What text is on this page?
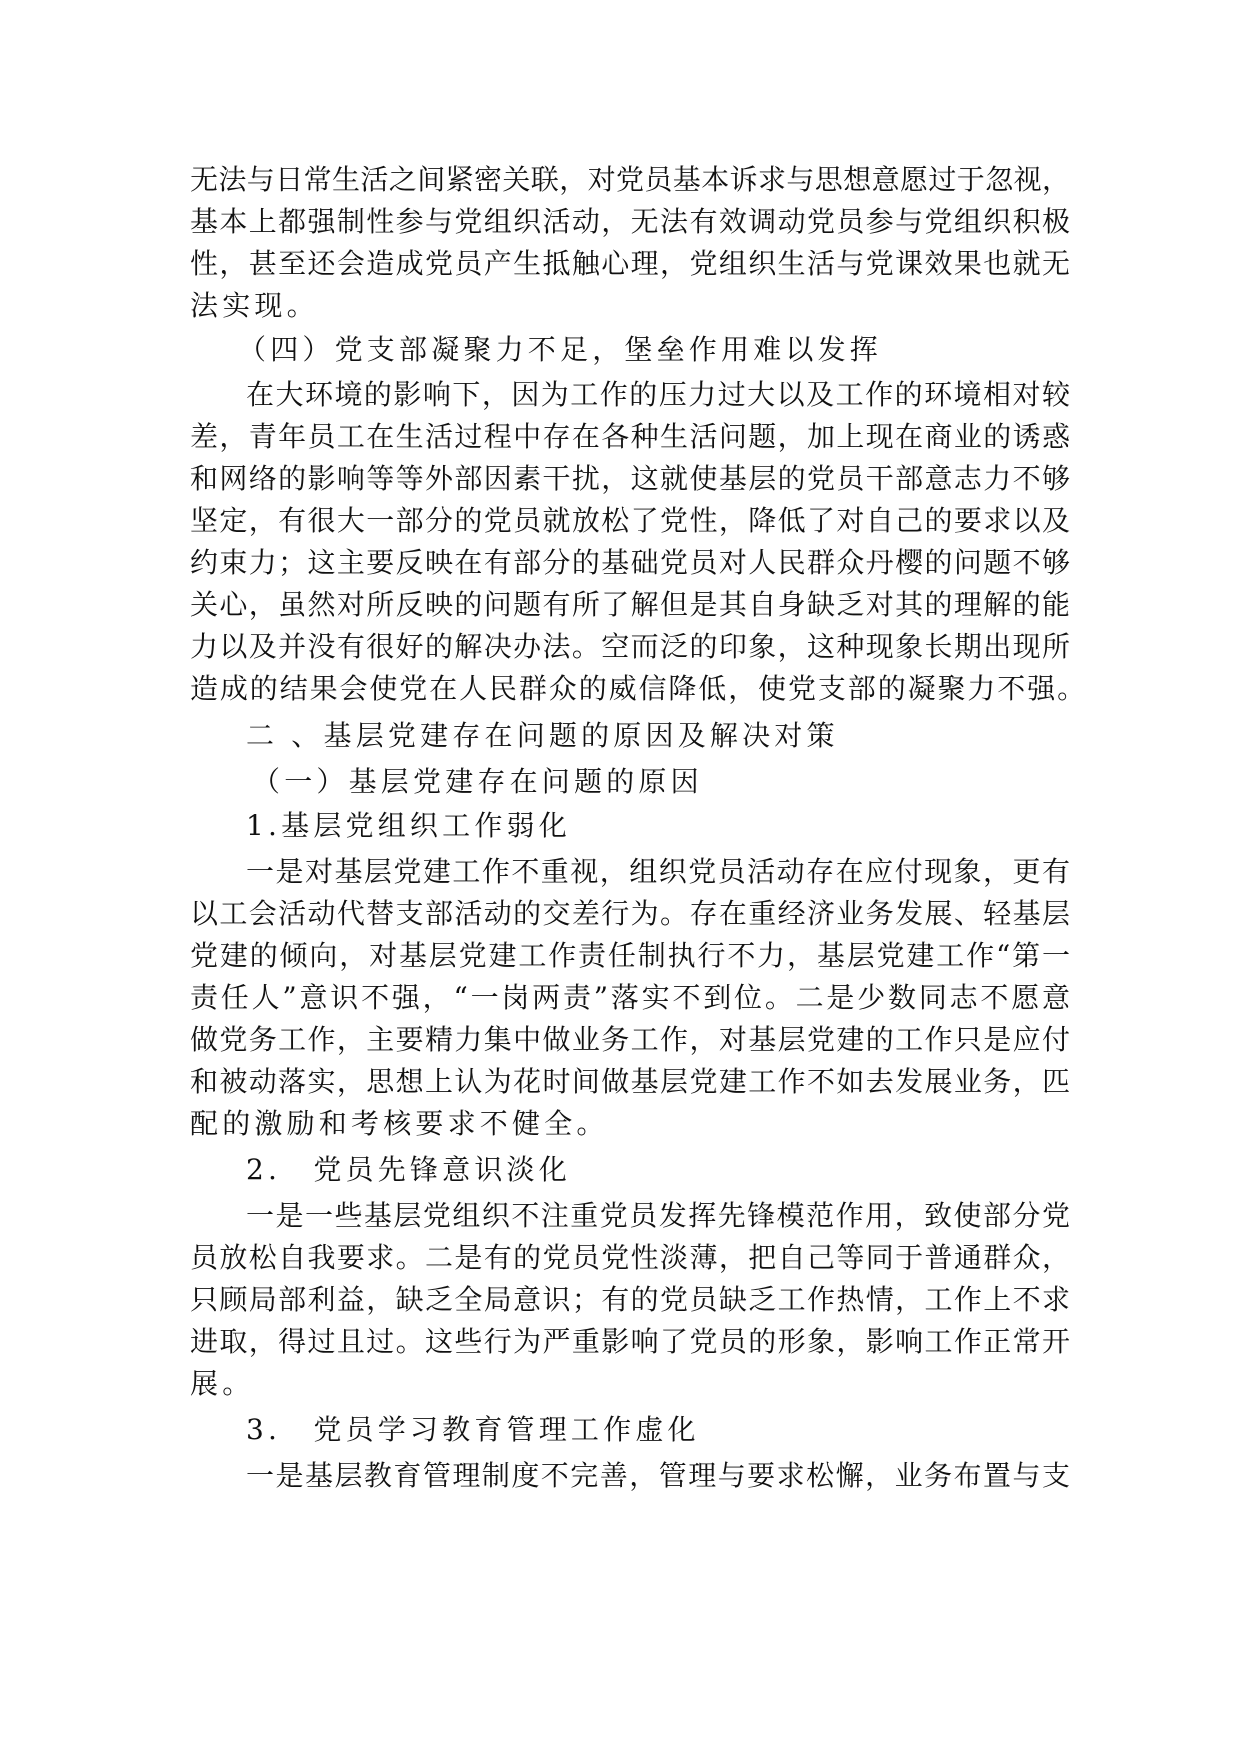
无法与日常生活之间紧密关联，对党员基本诉求与思想意愿过于忽视，
基本上都强制性参与党组织活动，无法有效调动党员参与党组织积极
性，甚至还会造成党员产生抵触心理，党组织生活与党课效果也就无
法实现。
（四）党支部凝聚力不足，堡垒作用难以发挥
在大环境的影响下，因为工作的压力过大以及工作的环境相对较
差，青年员工在生活过程中存在各种生活问题，加上现在商业的诱惑
和网络的影响等等外部因素干扰，这就使基层的党员干部意志力不够
坚定，有很大一部分的党员就放松了党性，降低了对自己的要求以及
约束力；这主要反映在有部分的基础党员对人民群众丹樱的问题不够
关心，虽然对所反映的问题有所了解但是其自身缺乏对其的理解的能
力以及并没有很好的解决办法。空而泛的印象，这种现象长期出现所
造成的结果会使党在人民群众的威信降低，使党支部的凝聚力不强。
二 、基层党建存在问题的原因及解决对策
（一）基层党建存在问题的原因
1.基层党组织工作弱化
一是对基层党建工作不重视，组织党员活动存在应付现象，更有
以工会活动代替支部活动的交差行为。存在重经济业务发展、轻基层
党建的倾向，对基层党建工作责任制执行不力，基层党建工作“第一
责任人”意识不强，“一岗两责”落实不到位。二是少数同志不愿意
做党务工作，主要精力集中做业务工作，对基层党建的工作只是应付
和被动落实，思想上认为花时间做基层党建工作不如去发展业务，匹
配的激励和考核要求不健全。
2.　党员先锋意识淡化
一是一些基层党组织不注重党员发挥先锋模范作用，致使部分党
员放松自我要求。二是有的党员党性淡薄，把自己等同于普通群众，
只顾局部利益，缺乏全局意识；有的党员缺乏工作热情，工作上不求
进取，得过且过。这些行为严重影响了党员的形象，影响工作正常开
展。
3.　党员学习教育管理工作虚化
一是基层教育管理制度不完善，管理与要求松懈，业务布置与支
